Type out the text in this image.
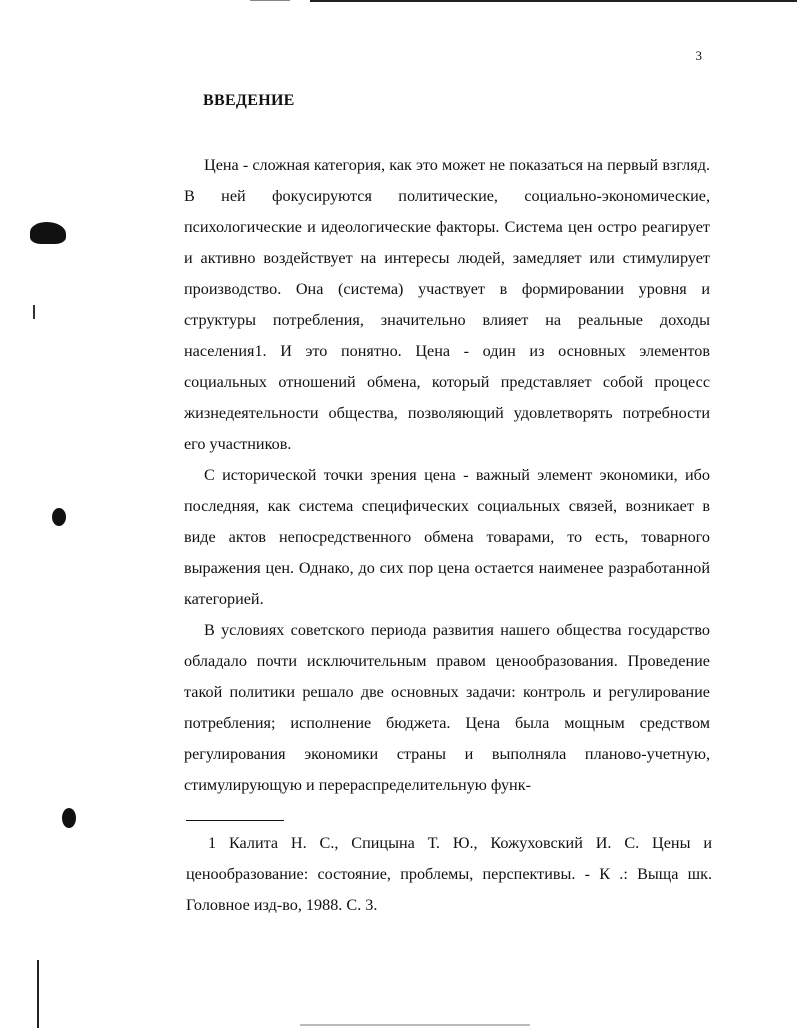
3
ВВЕДЕНИЕ

Цена - сложная категория, как это может не показаться на первый взгляд. В ней фокусируются политические, социально-экономические, психологические и идеологические факторы. Система цен остро реагирует и активно воздействует на интересы людей, замедляет или стимулирует производство. Она (система) участвует в формировании уровня и структуры потребления, значительно влияет на реальные доходы населения1. И это понятно. Цена - один из основных элементов социальных отношений обмена, который представляет собой процесс жизнедеятельности общества, позволяющий удовлетворять потребности его участников.

С исторической точки зрения цена - важный элемент экономики, ибо последняя, как система специфических социальных связей, возникает в виде актов непосредственного обмена товарами, то есть, товарного выражения цен. Однако, до сих пор цена остается наименее разработанной категорией.

В условиях советского периода развития нашего общества государство обладало почти исключительным правом ценообразования. Проведение такой политики решало две основных задачи: контроль и регулирование потребления; исполнение бюджета. Цена была мощным средством регулирования экономики страны и выполняла планово-учетную, стимулирующую и перераспределительную функ-

1 Калита Н. С., Спицына Т. Ю., Кожуховский И. С. Цены и ценообразование: состояние, проблемы, перспективы. - К .: Выща шк. Головное изд-во, 1988. С. 3.
